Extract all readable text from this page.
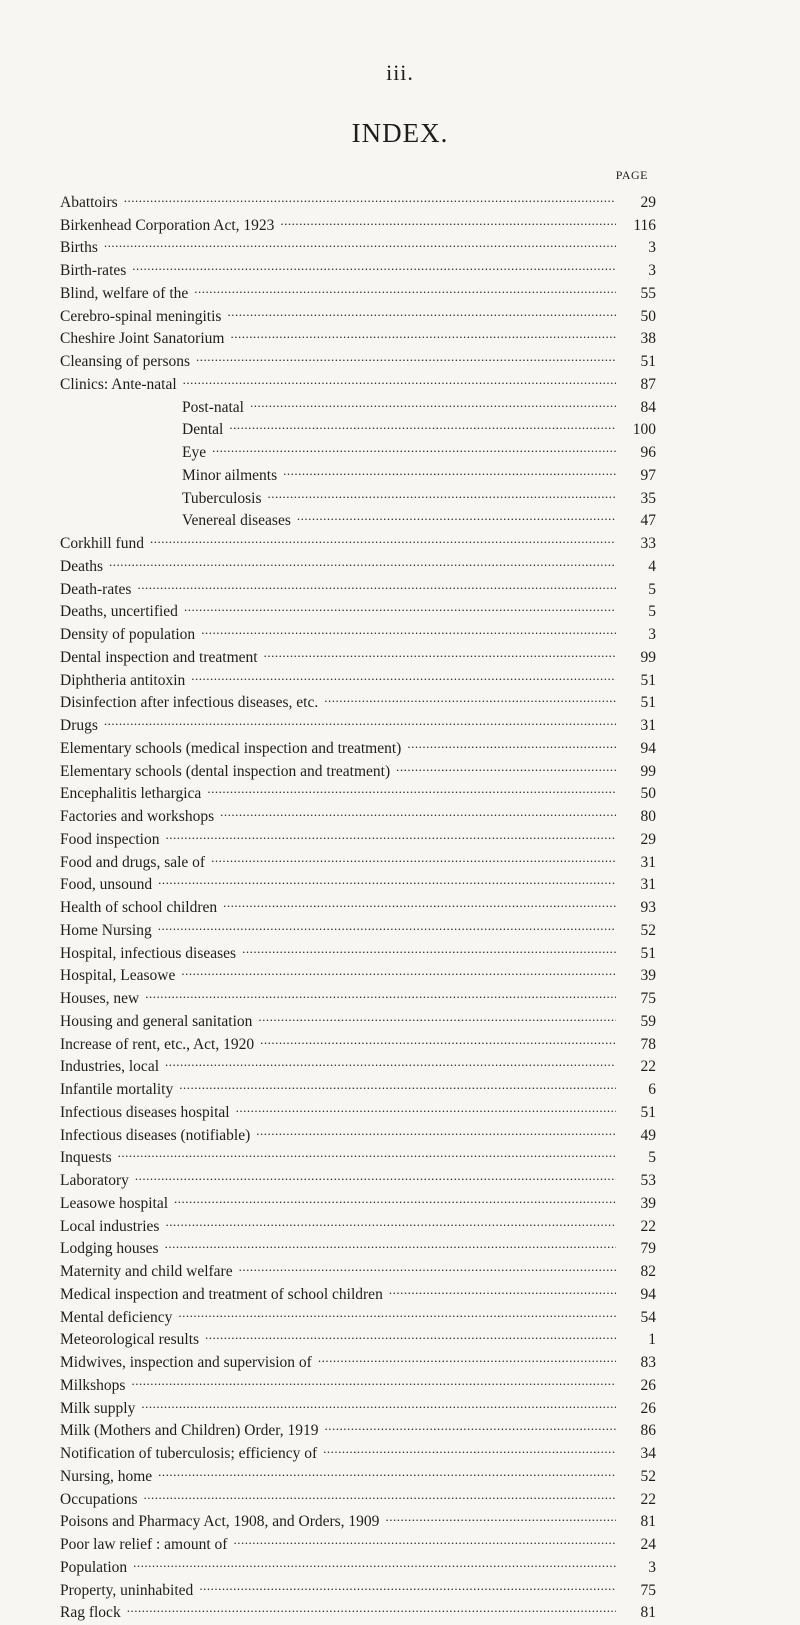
iii.
INDEX.
PAGE
Abattoirs .....	29
Birkenhead Corporation Act, 1923 .....	116
Births .....	3
Birth-rates .....	3
Blind, welfare of the .....	55
Cerebro-spinal meningitis .....	50
Cheshire Joint Sanatorium .....	38
Cleansing of persons .....	51
Clinics: Ante-natal .....	87
Post-natal .....	84
Dental .....	100
Eye .....	96
Minor ailments .....	97
Tuberculosis .....	35
Venereal diseases .....	47
Corkhill fund .....	33
Deaths .....	4
Death-rates .....	5
Deaths, uncertified .....	5
Density of population .....	3
Dental inspection and treatment .....	99
Diphtheria antitoxin .....	51
Disinfection after infectious diseases, etc. .....	51
Drugs .....	31
Elementary schools (medical inspection and treatment) .....	94
Elementary schools (dental inspection and treatment) .....	99
Encephalitis lethargica .....	50
Factories and workshops .....	80
Food inspection .....	29
Food and drugs, sale of .....	31
Food, unsound .....	31
Health of school children .....	93
Home Nursing .....	52
Hospital, infectious diseases .....	51
Hospital, Leasowe .....	39
Houses, new .....	75
Housing and general sanitation .....	59
Increase of rent, etc., Act, 1920 .....	78
Industries, local .....	22
Infantile mortality .....	6
Infectious diseases hospital .....	51
Infectious diseases (notifiable) .....	49
Inquests .....	5
Laboratory .....	53
Leasowe hospital .....	39
Local industries .....	22
Lodging houses .....	79
Maternity and child welfare .....	82
Medical inspection and treatment of school children .....	94
Mental deficiency .....	54
Meteorological results .....	1
Midwives, inspection and supervision of .....	83
Milkshops .....	26
Milk supply .....	26
Milk (Mothers and Children) Order, 1919 .....	86
Notification of tuberculosis; efficiency of .....	34
Nursing, home .....	52
Occupations .....	22
Poisons and Pharmacy Act, 1908, and Orders, 1909 .....	81
Poor law relief : amount of .....	24
Population .....	3
Property, uninhabited .....	75
Rag flock .....	81
